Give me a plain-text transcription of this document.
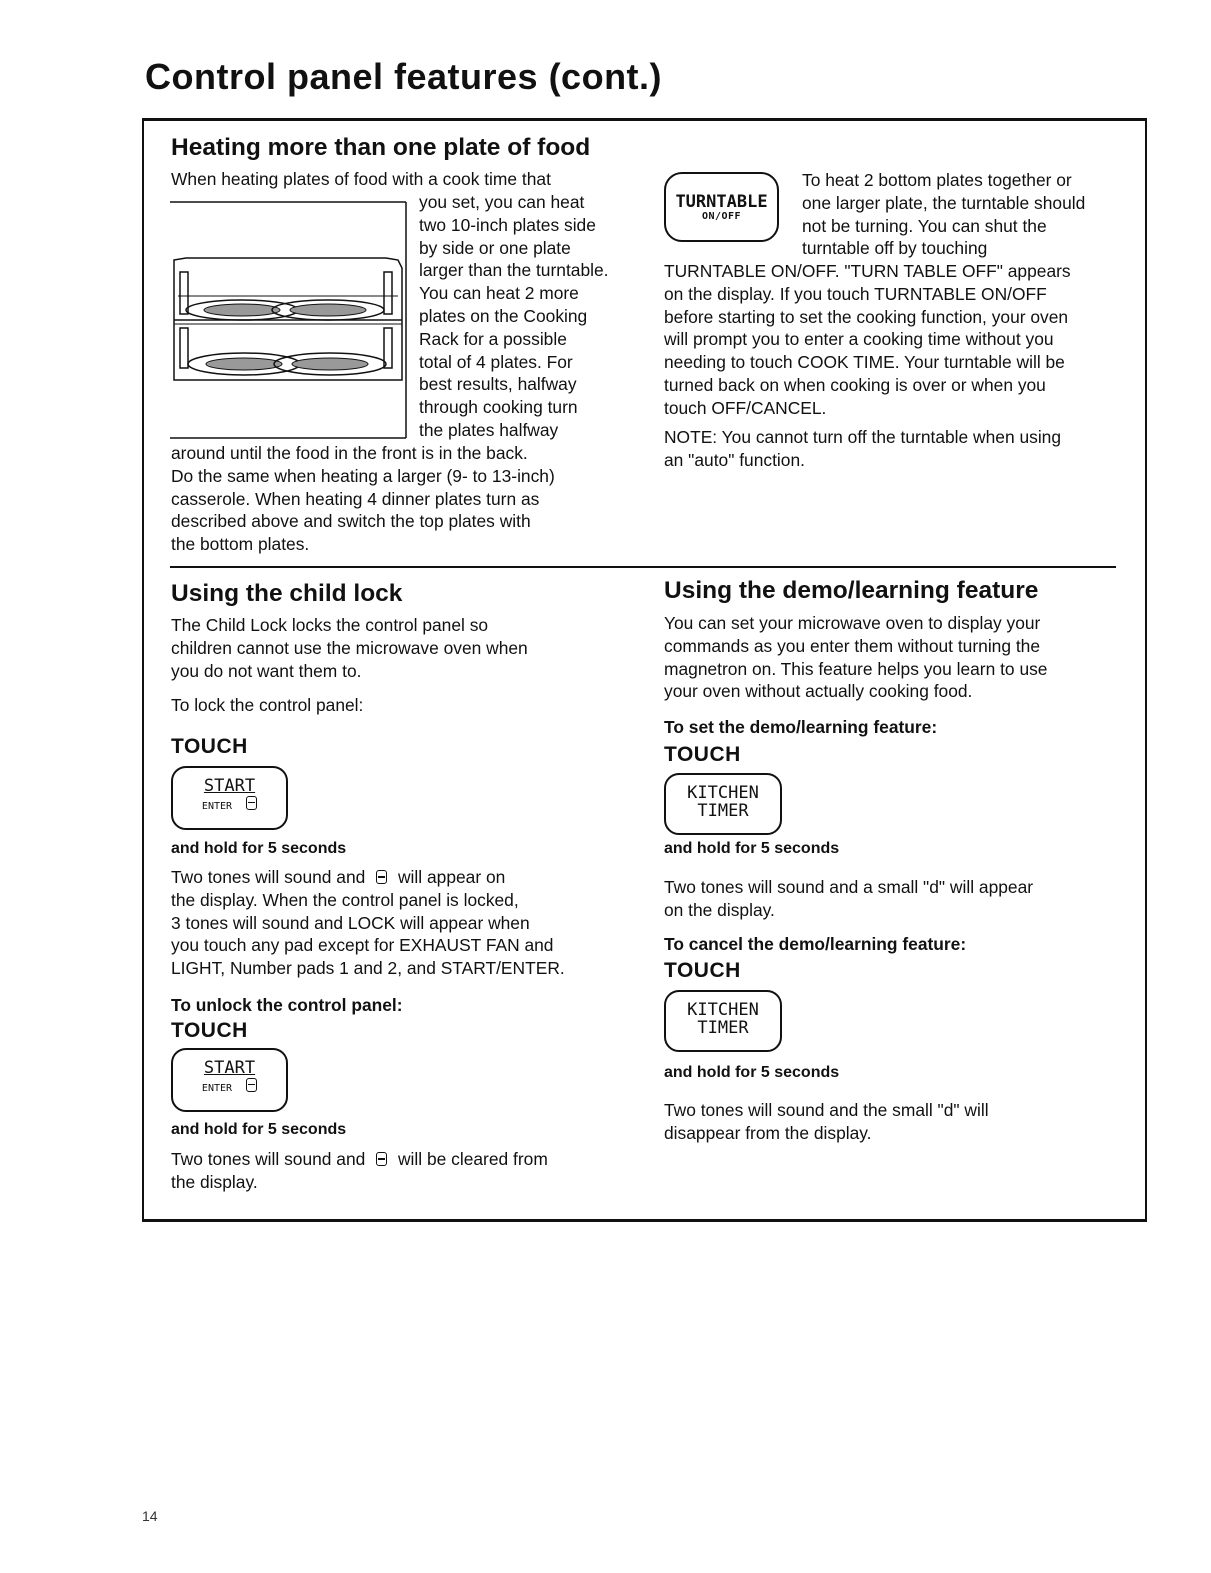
Control panel features (cont.)
Heating more than one plate of food
When heating plates of food with a cook time that
you set, you can heat
two 10-inch plates side
by side or one plate
larger than the turntable.
You can heat 2 more
plates on the Cooking
Rack for a possible
total of 4 plates. For
best results, halfway
through cooking turn
the plates halfway
around until the food in the front is in the back.
Do the same when heating a larger (9- to 13-inch)
casserole. When heating 4 dinner plates turn as
described above and switch the top plates with
the bottom plates.
TURNTABLE
ON/OFF
To heat 2 bottom plates together or
one larger plate, the turntable should
not be turning. You can shut the
turntable off by touching
TURNTABLE ON/OFF. "TURN TABLE OFF" appears
on the display. If you touch TURNTABLE ON/OFF
before starting to set the cooking function, your oven
will prompt you to enter a cooking time without you
needing to touch COOK TIME. Your turntable will be
turned back on when cooking is over or when you
touch OFF/CANCEL.
NOTE: You cannot turn off the turntable when using
an "auto" function.
Using the child lock
The Child Lock locks the control panel so
children cannot use the microwave oven when
you do not want them to.
To lock the control panel:
TOUCH
START
ENTER
and hold for 5 seconds
Two tones will sound and will appear on
the display. When the control panel is locked,
3 tones will sound and LOCK will appear when
you touch any pad except for EXHAUST FAN and
LIGHT, Number pads 1 and 2, and START/ENTER.
To unlock the control panel:
TOUCH
START
ENTER
and hold for 5 seconds
Two tones will sound and will be cleared from
the display.
Using the demo/learning feature
You can set your microwave oven to display your
commands as you enter them without turning the
magnetron on. This feature helps you learn to use
your oven without actually cooking food.
To set the demo/learning feature:
TOUCH
KITCHEN
TIMER
and hold for 5 seconds
Two tones will sound and a small "d" will appear
on the display.
To cancel the demo/learning feature:
TOUCH
KITCHEN
TIMER
and hold for 5 seconds
Two tones will sound and the small "d" will
disappear from the display.
14
